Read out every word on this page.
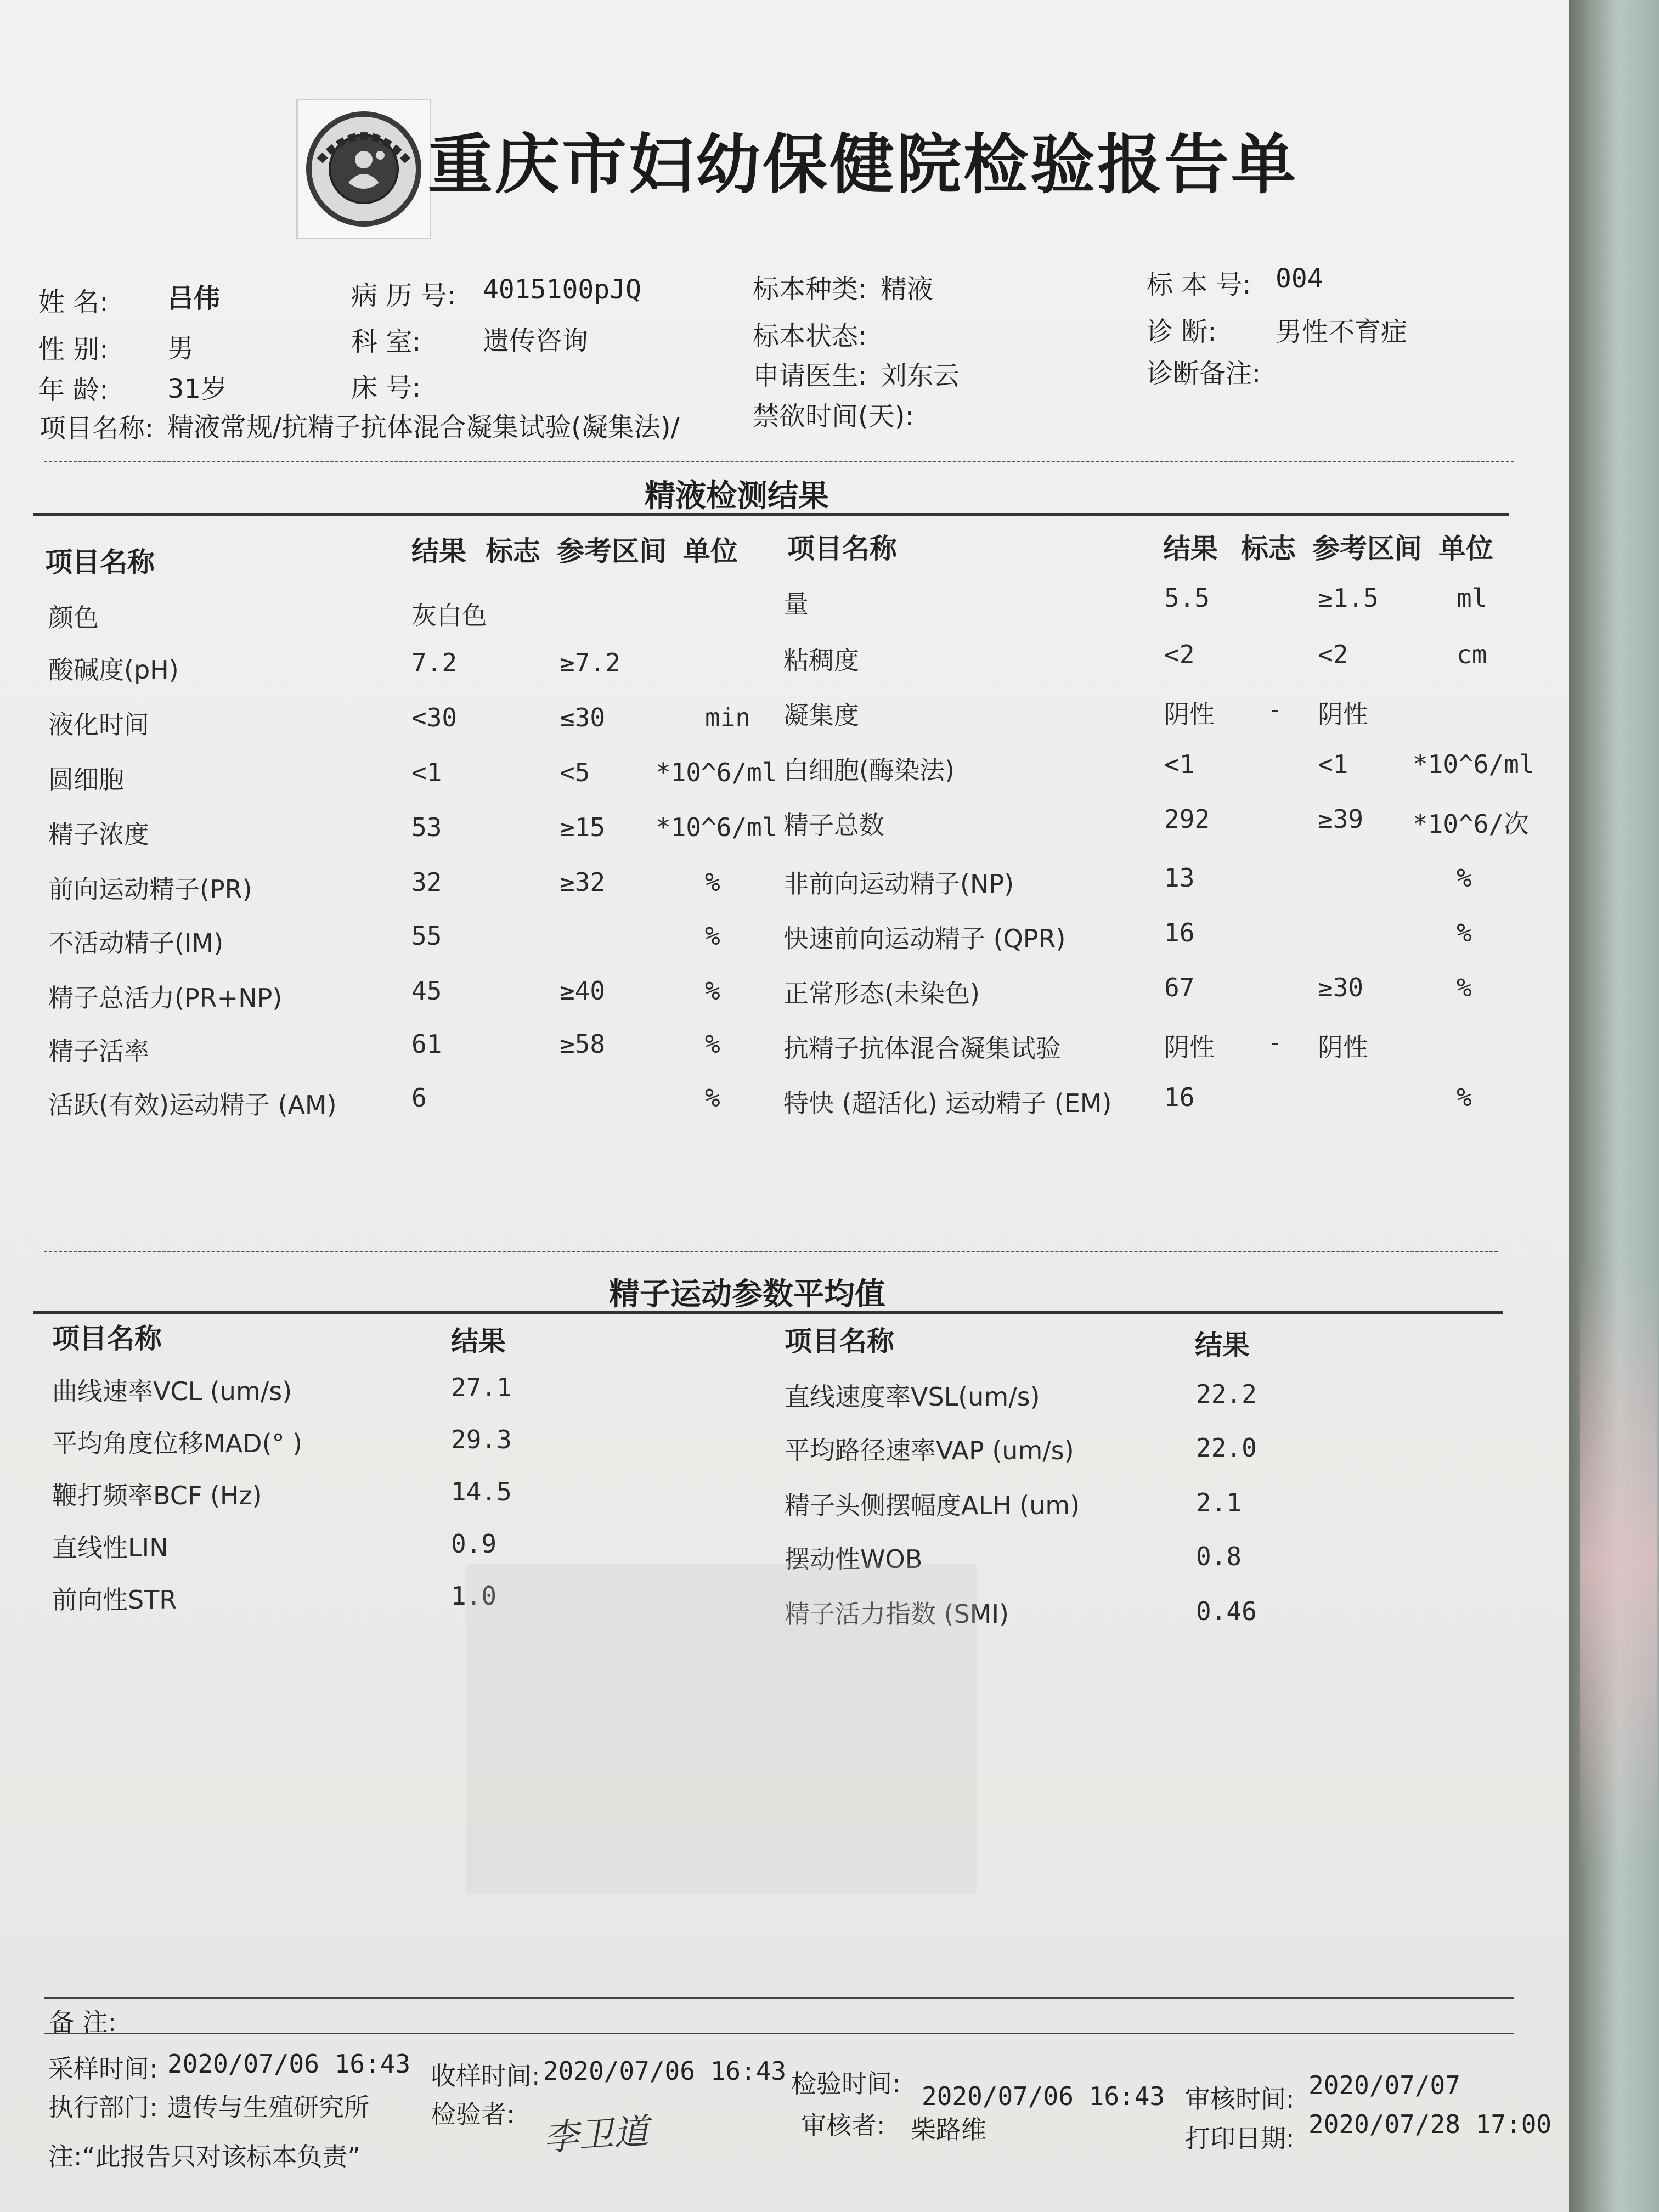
重庆市妇幼保健院检验报告单
姓 名: 吕伟
性 别: 男
年 龄: 31岁
病 历 号: 4015100pJQ
科 室: 遗传咨询
床 号:
标本种类: 精液
标本状态:
申请医生: 刘东云
禁欲时间(天):
标 本 号: 004
诊 断: 男性不育症
诊断备注:
项目名称: 精液常规/抗精子抗体混合凝集试验(凝集法)/
精液检测结果
项目名称	结果 标志 参考区间 单位 项目名称	结果 标志 参考区间 单位
颜色	灰白色
酸碱度(pH)	7.2	≥7.2
液化时间	<30	≤30	min
圆细胞	<1	<5	*10^6/ml
精子浓度	53	≥15 *10^6/ml
前向运动精子(PR)	32	≥32	%
不活动精子(IM)	55	%
精子总活力(PR+NP)	45	≥40	%
精子活率	61	≥58	%
活跃(有效)运动精子 (AM)	6	%
量	5.5	≥1.5	ml
粘稠度	<2	<2	cm
凝集度	阴性 - 阴性
白细胞(酶染法)	<1	<1	*10^6/ml
精子总数	292	≥39 *10^6/次
非前向运动精子(NP)	13	%
快速前向运动精子 (QPR)	16	%
正常形态(未染色)	67	≥30	%
抗精子抗体混合凝集试验	阴性 - 阴性
特快 (超活化) 运动精子 (EM) 16	%
精子运动参数平均值
项目名称	结果	项目名称	结果
曲线速率VCL (um/s)	27.1
平均角度位移MAD(° )	29.3
鞭打频率BCF (Hz)	14.5
直线性LIN	0.9
前向性STR	1.0
直线速度率VSL(um/s)	22.2
平均路径速率VAP (um/s)	22.0
精子头侧摆幅度ALH (um)	2.1
摆动性WOB	0.8
精子活力指数 (SMI)	0.46
备 注:
采样时间: 2020/07/06 16:43 收样时间: 2020/07/06 16:43 检验时间: 2020/07/06 16:43 审核时间: 2020/07/07
执行部门: 遗传与生殖研究所 检验者: 李卫道	审核者: 柴路维	打印日期: 2020/07/28 17:00
注:“此报告只对该标本负责”
